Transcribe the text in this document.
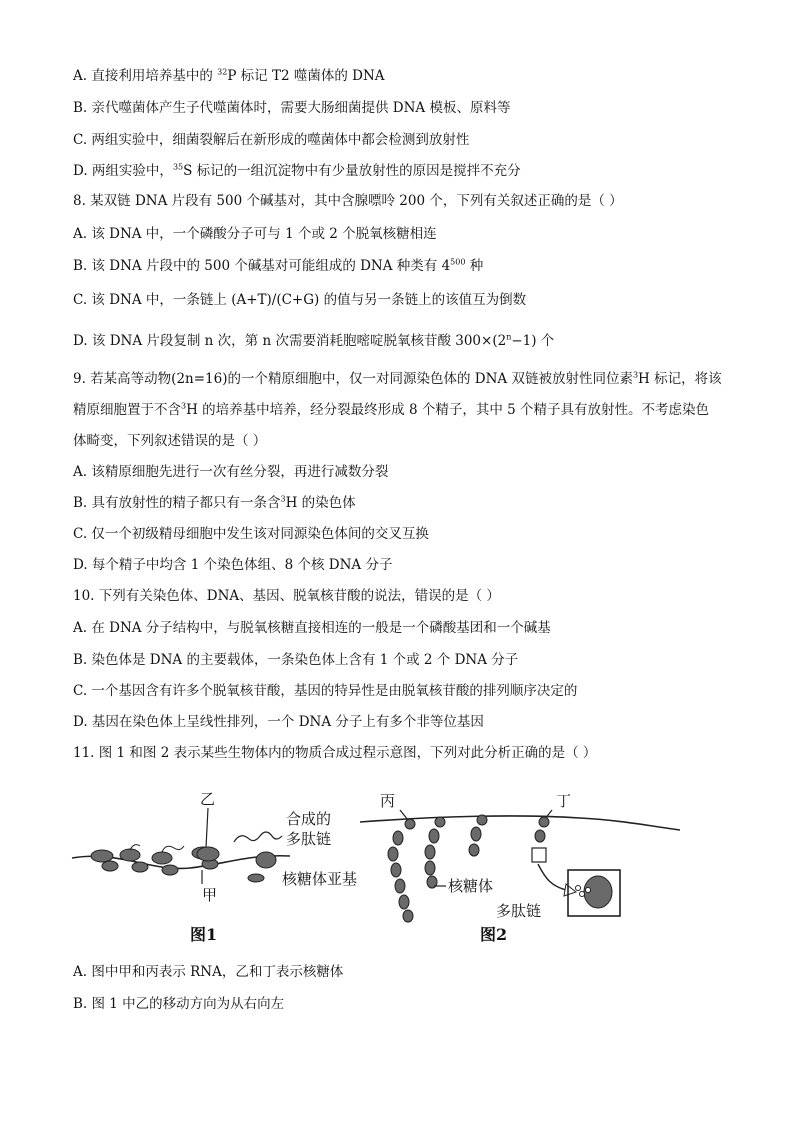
A. 直接利用培养基中的 $^{32}$P 标记 T2 噬菌体的 DNA
B. 亲代噬菌体产生子代噬菌体时，需要大肠细菌提供 DNA 模板、原料等
C. 两组实验中，细菌裂解后在新形成的噬菌体中都会检测到放射性
D. 两组实验中，$^{35}$S 标记的一组沉淀物中有少量放射性的原因是搅拌不充分
8. 某双链 DNA 片段有 500 个碱基对，其中含腺嘌呤 200 个，下列有关叙述正确的是（ ）
A. 该 DNA 中，一个磷酸分子可与 1 个或 2 个脱氧核糖相连
B. 该 DNA 片段中的 500 个碱基对可能组成的 DNA 种类有 $4^{500}$ 种
C. 该 DNA 中，一条链上 (A+T)/(C+G) 的值与另一条链上的该值互为倒数
D. 该 DNA 片段复制 n 次，第 n 次需要消耗胞嘧啶脱氧核苷酸 $300\times(2^n-1)$ 个
9. 若某高等动物(2n=16)的一个精原细胞中，仅一对同源染色体的 DNA 双链被放射性同位素$^3$H 标记，将该
精原细胞置于不含$^3$H 的培养基中培养，经分裂最终形成 8 个精子，其中 5 个精子具有放射性。不考虑染色
体畸变，下列叙述错误的是（ ）
A. 该精原细胞先进行一次有丝分裂，再进行减数分裂
B. 具有放射性的精子都只有一条含$^3$H 的染色体
C. 仅一个初级精母细胞中发生该对同源染色体间的交叉互换
D. 每个精子中均含 1 个染色体组、8 个核 DNA 分子
10. 下列有关染色体、DNA、基因、脱氧核苷酸的说法，错误的是（ ）
A. 在 DNA 分子结构中，与脱氧核糖直接相连的一般是一个磷酸基团和一个碱基
B. 染色体是 DNA 的主要载体，一条染色体上含有 1 个或 2 个 DNA 分子
C. 一个基因含有许多个脱氧核苷酸，基因的特异性是由脱氧核苷酸的排列顺序决定的
D. 基因在染色体上呈线性排列，一个 DNA 分子上有多个非等位基因
11. 图 1 和图 2 表示某些生物体内的物质合成过程示意图，下列对此分析正确的是（ ）
乙
甲
合成的
多肽链
核糖体亚基
图1
丙	丁
核糖体
多肽链
图2
A. 图中甲和丙表示 RNA，乙和丁表示核糖体
B. 图 1 中乙的移动方向为从右向左
